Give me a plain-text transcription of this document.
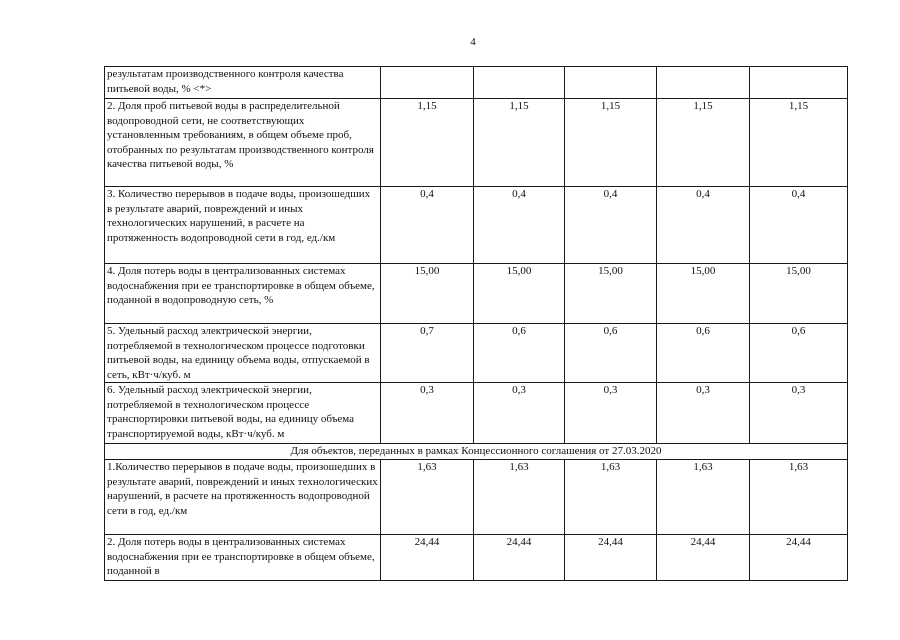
4
результатам производственного контроля качества питьевой воды, % <*>					
2. Доля проб питьевой воды в распределительной водопроводной сети, не соответствующих установленным требованиям, в общем объеме проб, отобранных по результатам производственного контроля качества питьевой воды, %	1,15	1,15	1,15	1,15	1,15
3. Количество перерывов в подаче воды, произошедших в результате аварий, повреждений и иных технологических нарушений, в расчете на протяженность водопроводной сети в год, ед./км	0,4	0,4	0,4	0,4	0,4
4. Доля потерь воды в централизованных системах водоснабжения при ее транспортировке в общем объеме, поданной в водопроводную сеть, %	15,00	15,00	15,00	15,00	15,00
5. Удельный расход электрической энергии, потребляемой в технологическом процессе подготовки питьевой воды, на единицу объема воды, отпускаемой в сеть, кВт·ч/куб. м	0,7	0,6	0,6	0,6	0,6
6. Удельный расход электрической энергии, потребляемой в технологическом процессе транспортировки питьевой воды, на единицу объема транспортируемой воды, кВт·ч/куб. м	0,3	0,3	0,3	0,3	0,3
Для объектов, переданных в рамках Концессионного соглашения от 27.03.2020					
1.Количество перерывов в подаче воды, произошедших в результате аварий, повреждений и иных технологических нарушений, в расчете на протяженность водопроводной сети в год, ед./км	1,63	1,63	1,63	1,63	1,63
2. Доля потерь воды в централизованных системах водоснабжения при ее транспортировке в общем объеме, поданной в	24,44	24,44	24,44	24,44	24,44
